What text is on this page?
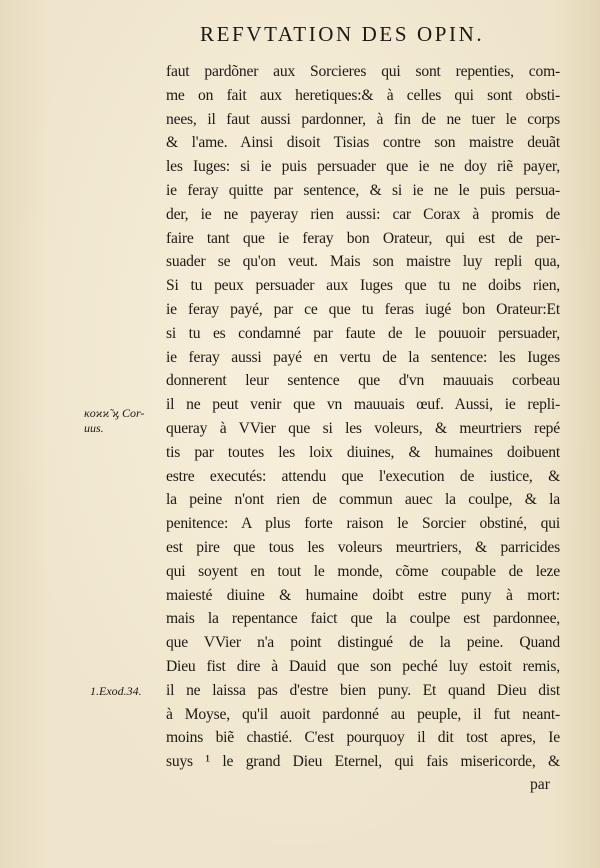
REFVTATION DES OPIN.
faut pardõner aux Sorcieres qui sont repenties, com-
me on fait aux heretiques:& à celles qui sont obsti-
nees, il faut aussi pardonner, à fin de ne tuer le corps
& l'ame. Ainsi disoit Tisias contre son maistre deuãt
les Iuges: si ie puis persuader que ie ne doy riẽ payer,
ie feray quitte par sentence, & si ie ne le puis persua-
der, ie ne payeray rien aussi: car Corax à promis de
faire tant que ie feray bon Orateur, qui est de per-
suader se qu'on veut. Mais son maistre luy repli qua,
Si tu peux persuader aux Iuges que tu ne doibs rien,
ie feray payé, par ce que tu feras iugé bon Orateur:Et
si tu es condamné par faute de le pouuoir persuader,
ie feray aussi payé en vertu de la sentence: les Iuges
donnerent leur sentence que d'vn mauuais corbeau
il ne peut venir que vn mauuais œuf. Aussi, ie repli-
queray à VVier que si les voleurs, & meurtriers repé
tis par toutes les loix diuines, & humaines doibuent
estre executés: attendu que l'execution de iustice, &
la peine n'ont rien de commun auec la coulpe, & la
penitence: A plus forte raison le Sorcier obstiné, qui
est pire que tous les voleurs meurtriers, & parricides
qui soyent en tout le monde, cõme coupable de leze
maiesté diuine & humaine doibt estre puny à mort:
mais la repentance faict que la coulpe est pardonnee,
que VVier n'a point distingué de la peine. Quand
Dieu fist dire à Dauid que son peché luy estoit remis,
il ne laissa pas d'estre bien puny. Et quand Dieu dist
à Moyse, qu'il auoit pardonné au peuple, il fut neant-
moins biẽ chastié. C'est pourquoy il dit tost apres, Ie
suys ¹ le grand Dieu Eternel, qui fais misericorde, &
par
κοϰϰ̃ ϗ Cor-
uus.
1.Exod.34.
